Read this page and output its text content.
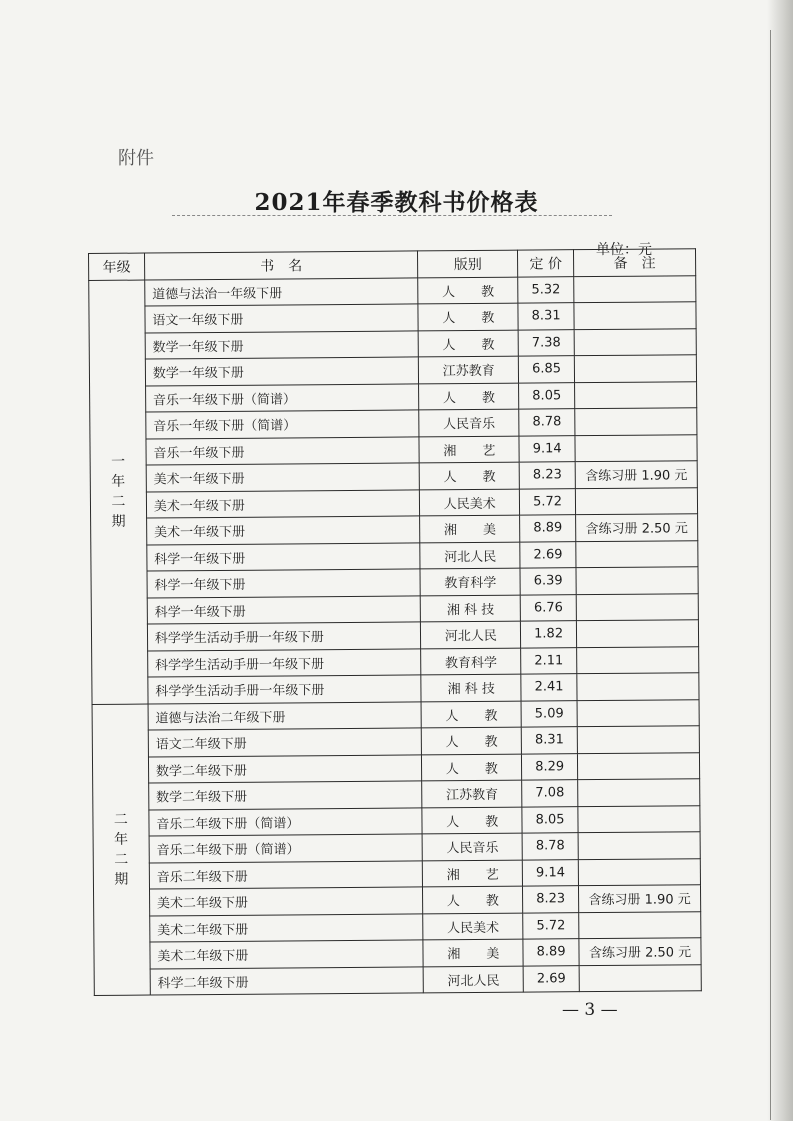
附件
2021年春季教科书价格表
单位：元
年级	书　名	版别	定 价	备　注
一年二期	道德与法治一年级下册	人　　教	5.32	
	语文一年级下册	人　　教	8.31	
	数学一年级下册	人　　教	7.38	
	数学一年级下册	江苏教育	6.85	
	音乐一年级下册（简谱）	人　　教	8.05	
	音乐一年级下册（简谱）	人民音乐	8.78	
	音乐一年级下册	湘　　艺	9.14	
	美术一年级下册	人　　教	8.23	含练习册 1.90 元
	美术一年级下册	人民美术	5.72	
	美术一年级下册	湘　　美	8.89	含练习册 2.50 元
	科学一年级下册	河北人民	2.69	
	科学一年级下册	教育科学	6.39	
	科学一年级下册	湘 科 技	6.76	
	科学学生活动手册一年级下册	河北人民	1.82	
	科学学生活动手册一年级下册	教育科学	2.11	
	科学学生活动手册一年级下册	湘 科 技	2.41	
二年二期	道德与法治二年级下册	人　　教	5.09	
	语文二年级下册	人　　教	8.31	
	数学二年级下册	人　　教	8.29	
	数学二年级下册	江苏教育	7.08	
	音乐二年级下册（简谱）	人　　教	8.05	
	音乐二年级下册（简谱）	人民音乐	8.78	
	音乐二年级下册	湘　　艺	9.14	
	美术二年级下册	人　　教	8.23	含练习册 1.90 元
	美术二年级下册	人民美术	5.72	
	美术二年级下册	湘　　美	8.89	含练习册 2.50 元
	科学二年级下册	河北人民	2.69	
— 3 —
